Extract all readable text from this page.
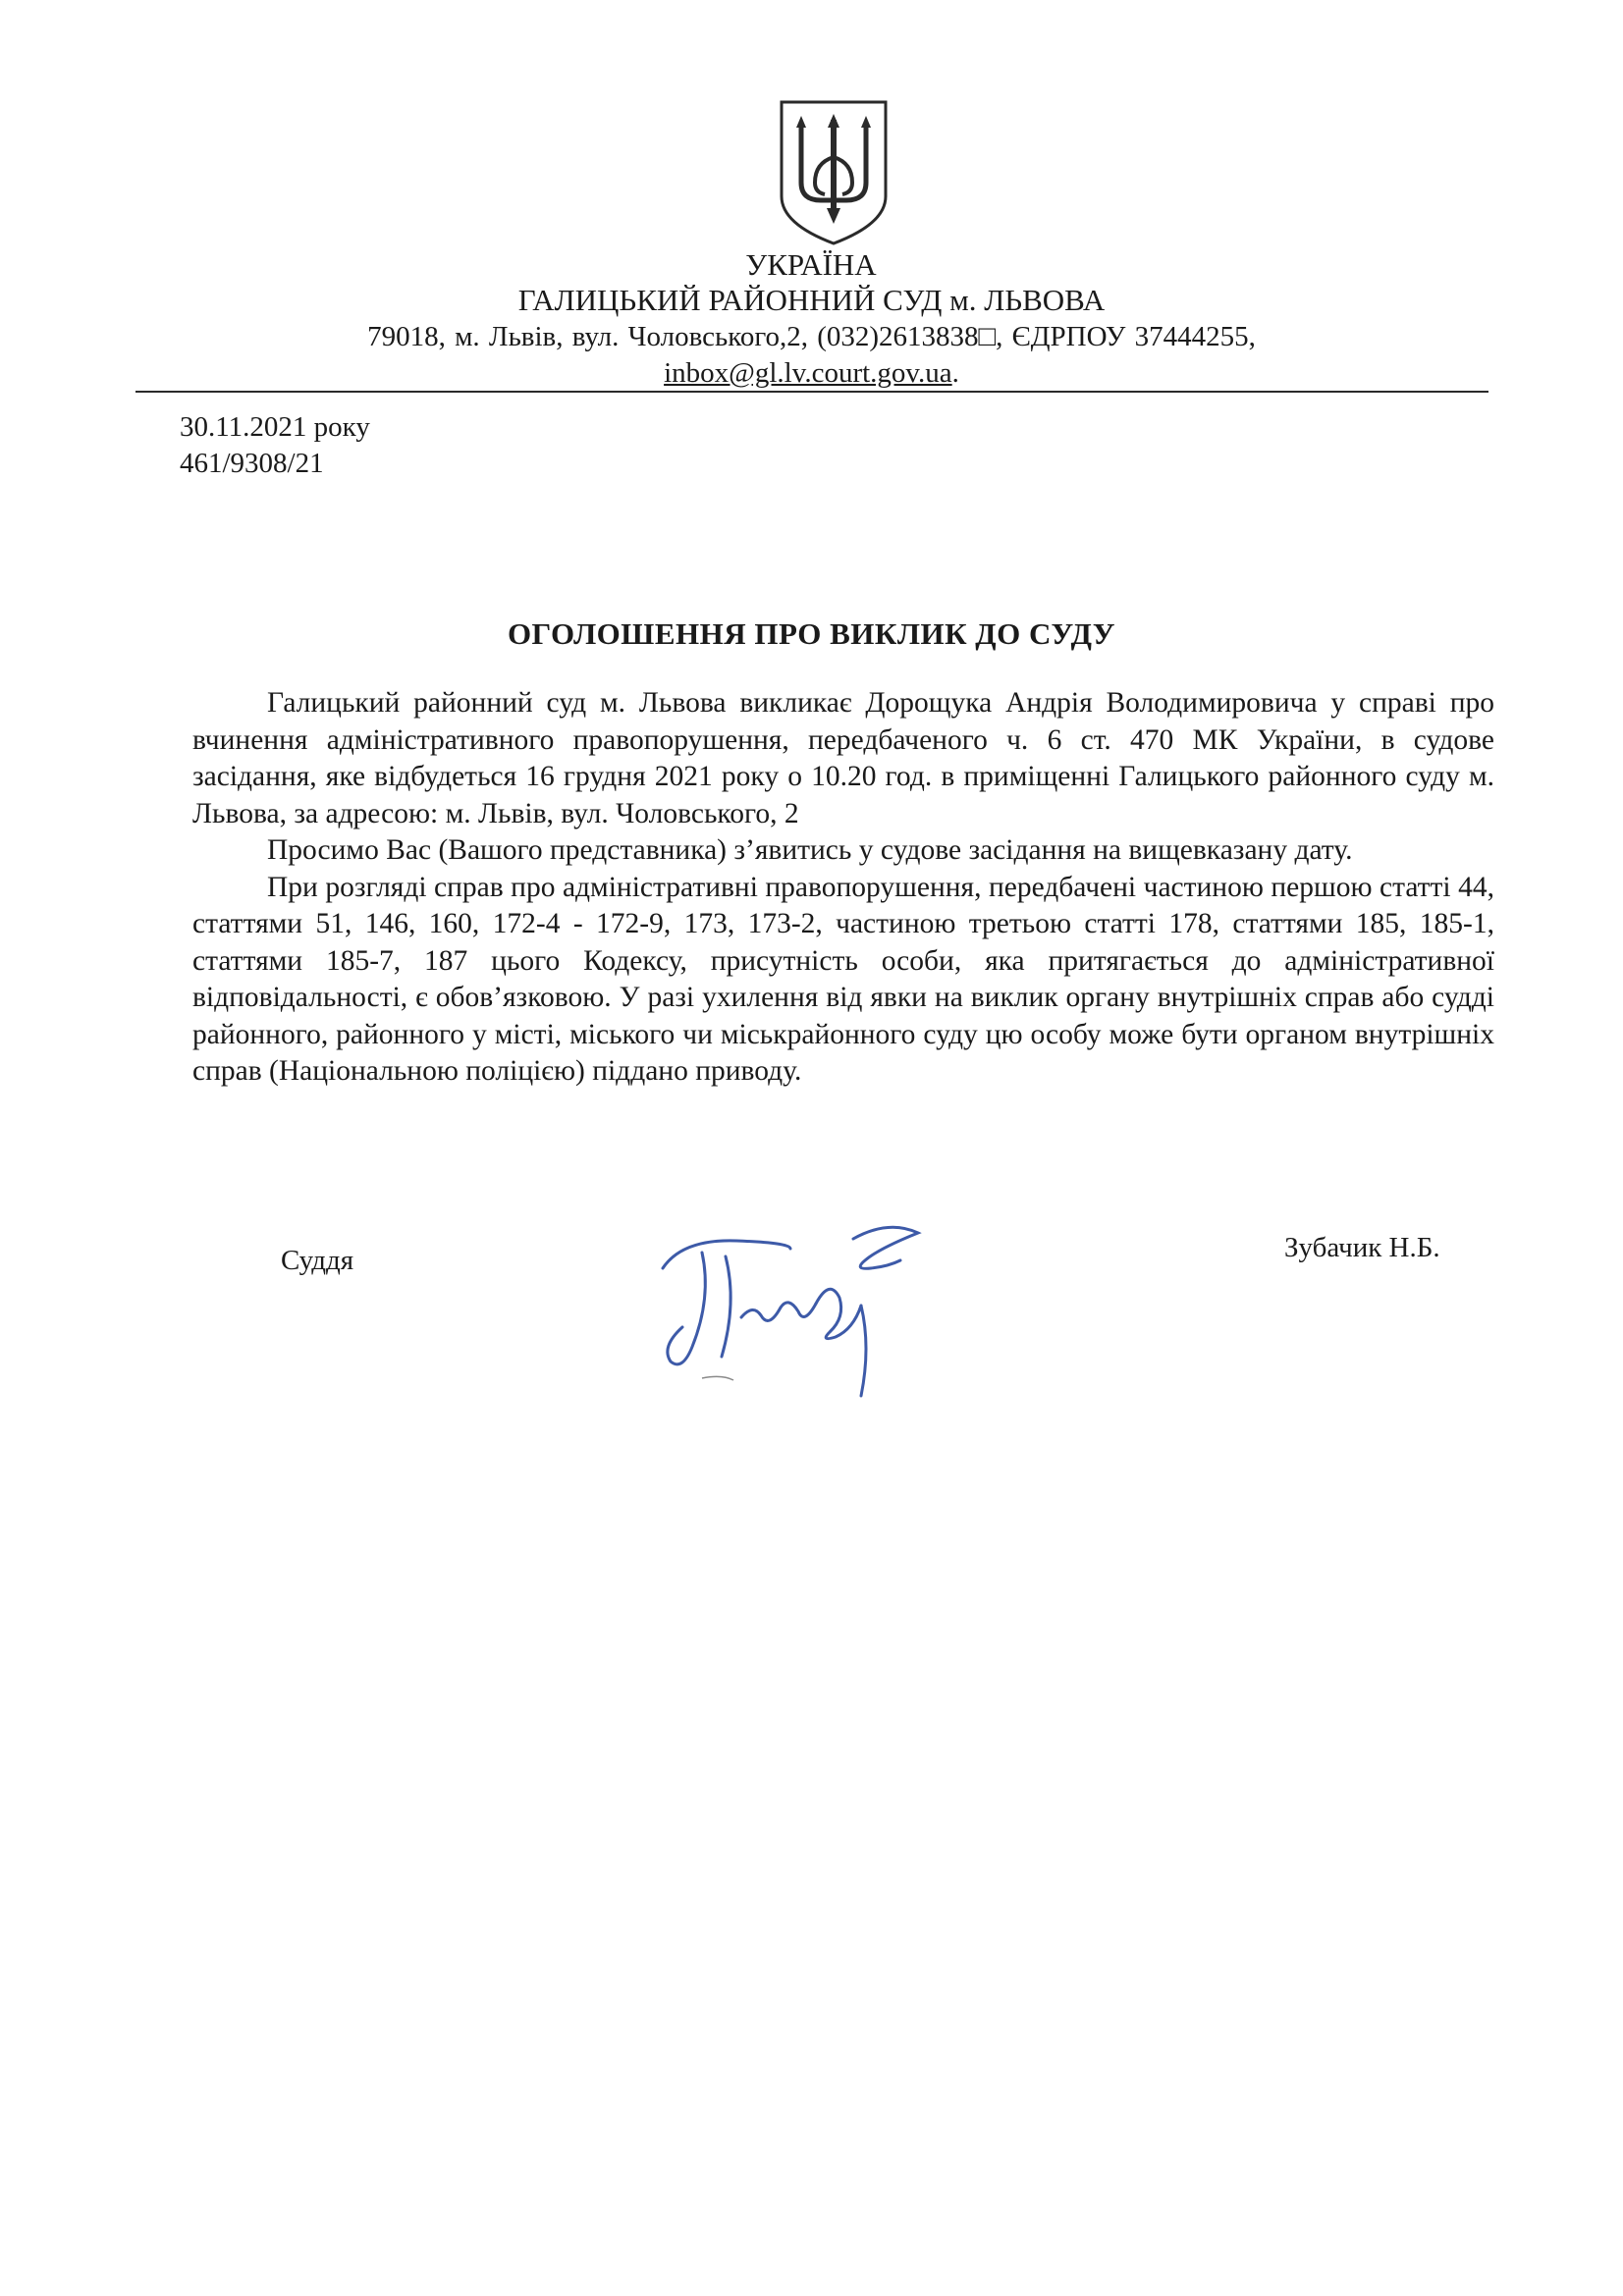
УКРАЇНА
ГАЛИЦЬКИЙ РАЙОННИЙ СУД м. ЛЬВОВА
79018, м. Львів, вул. Чоловського,2, (032)2613838□, ЄДРПОУ 37444255,
inbox@gl.lv.court.gov.ua.
30.11.2021 року
461/9308/21
ОГОЛОШЕННЯ ПРО ВИКЛИК ДО СУДУ

Галицький районний суд м. Львова викликає Дорощука Андрія Володимировича у справі про вчинення адміністративного правопорушення, передбаченого ч. 6 ст. 470 МК України, в судове засідання, яке відбудеться 16 грудня 2021 року о 10.20 год. в приміщенні Галицького районного суду м. Львова, за адресою: м. Львів, вул. Чоловського, 2

Просимо Вас (Вашого представника) з’явитись у судове засідання на вищевказану дату.

При розгляді справ про адміністративні правопорушення, передбачені частиною першою статті 44, статтями 51, 146, 160, 172-4 - 172-9, 173, 173-2, частиною третьою статті 178, статтями 185, 185-1, статтями 185-7, 187 цього Кодексу, присутність особи, яка притягається до адміністративної відповідальності, є обов’язковою. У разі ухилення від явки на виклик органу внутрішніх справ або судді районного, районного у місті, міського чи міськрайонного суду цю особу може бути органом внутрішніх справ (Національною поліцією) піддано приводу.

Суддя	Зубачик Н.Б.
